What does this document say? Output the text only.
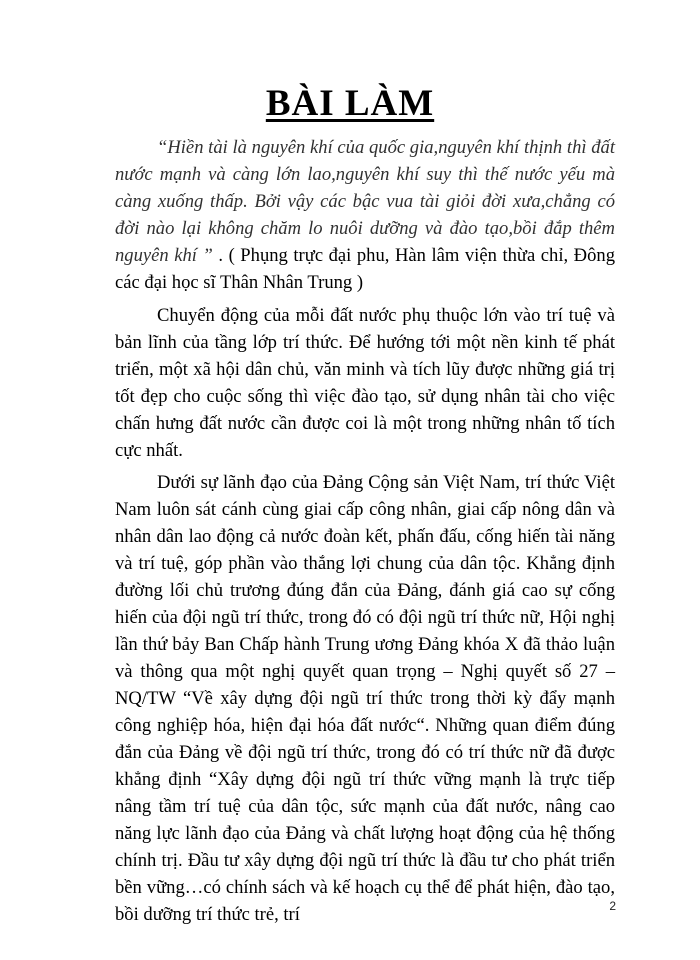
BÀI LÀM

“Hiền tài là nguyên khí của quốc gia,nguyên khí thịnh thì đất nước mạnh và càng lớn lao,nguyên khí suy thì thế nước yếu mà càng xuống thấp. Bởi vậy các bậc vua tài giỏi đời xưa,chẳng có đời nào lại không chăm lo nuôi dưỡng và đào tạo,bồi đắp thêm nguyên khí ” . ( Phụng trực đại phu, Hàn lâm viện thừa chỉ, Đông các đại học sĩ Thân Nhân Trung )

Chuyển động của mỗi đất nước phụ thuộc lớn vào trí tuệ và bản lĩnh của tầng lớp trí thức. Để hướng tới một nền kinh tế phát triển, một xã hội dân chủ, văn minh và tích lũy được những giá trị tốt đẹp cho cuộc sống thì việc đào tạo, sử dụng nhân tài cho việc chấn hưng đất nước cần được coi là một trong những nhân tố tích cực nhất.

Dưới sự lãnh đạo của Đảng Cộng sản Việt Nam, trí thức Việt Nam luôn sát cánh cùng giai cấp công nhân, giai cấp nông dân và nhân dân lao động cả nước đoàn kết, phấn đấu, cống hiến tài năng và trí tuệ, góp phần vào thắng lợi chung của dân tộc. Khẳng định đường lối chủ trương đúng đắn của Đảng, đánh giá cao sự cống hiến của đội ngũ trí thức, trong đó có đội ngũ trí thức nữ, Hội nghị lần thứ bảy Ban Chấp hành Trung ương Đảng khóa X đã thảo luận và thông qua một nghị quyết quan trọng – Nghị quyết số 27 – NQ/TW “Về xây dựng đội ngũ trí thức trong thời kỳ đẩy mạnh công nghiệp hóa, hiện đại hóa đất nước“. Những quan điểm đúng đắn của Đảng về đội ngũ trí thức, trong đó có trí thức nữ đã được khẳng định “Xây dựng đội ngũ trí thức vững mạnh là trực tiếp nâng tầm trí tuệ của dân tộc, sức mạnh của đất nước, nâng cao năng lực lãnh đạo của Đảng và chất lượng hoạt động của hệ thống chính trị. Đầu tư xây dựng đội ngũ trí thức là đầu tư cho phát triển bền vững…có chính sách và kế hoạch cụ thể để phát hiện, đào tạo, bồi dưỡng trí thức trẻ, trí	2
